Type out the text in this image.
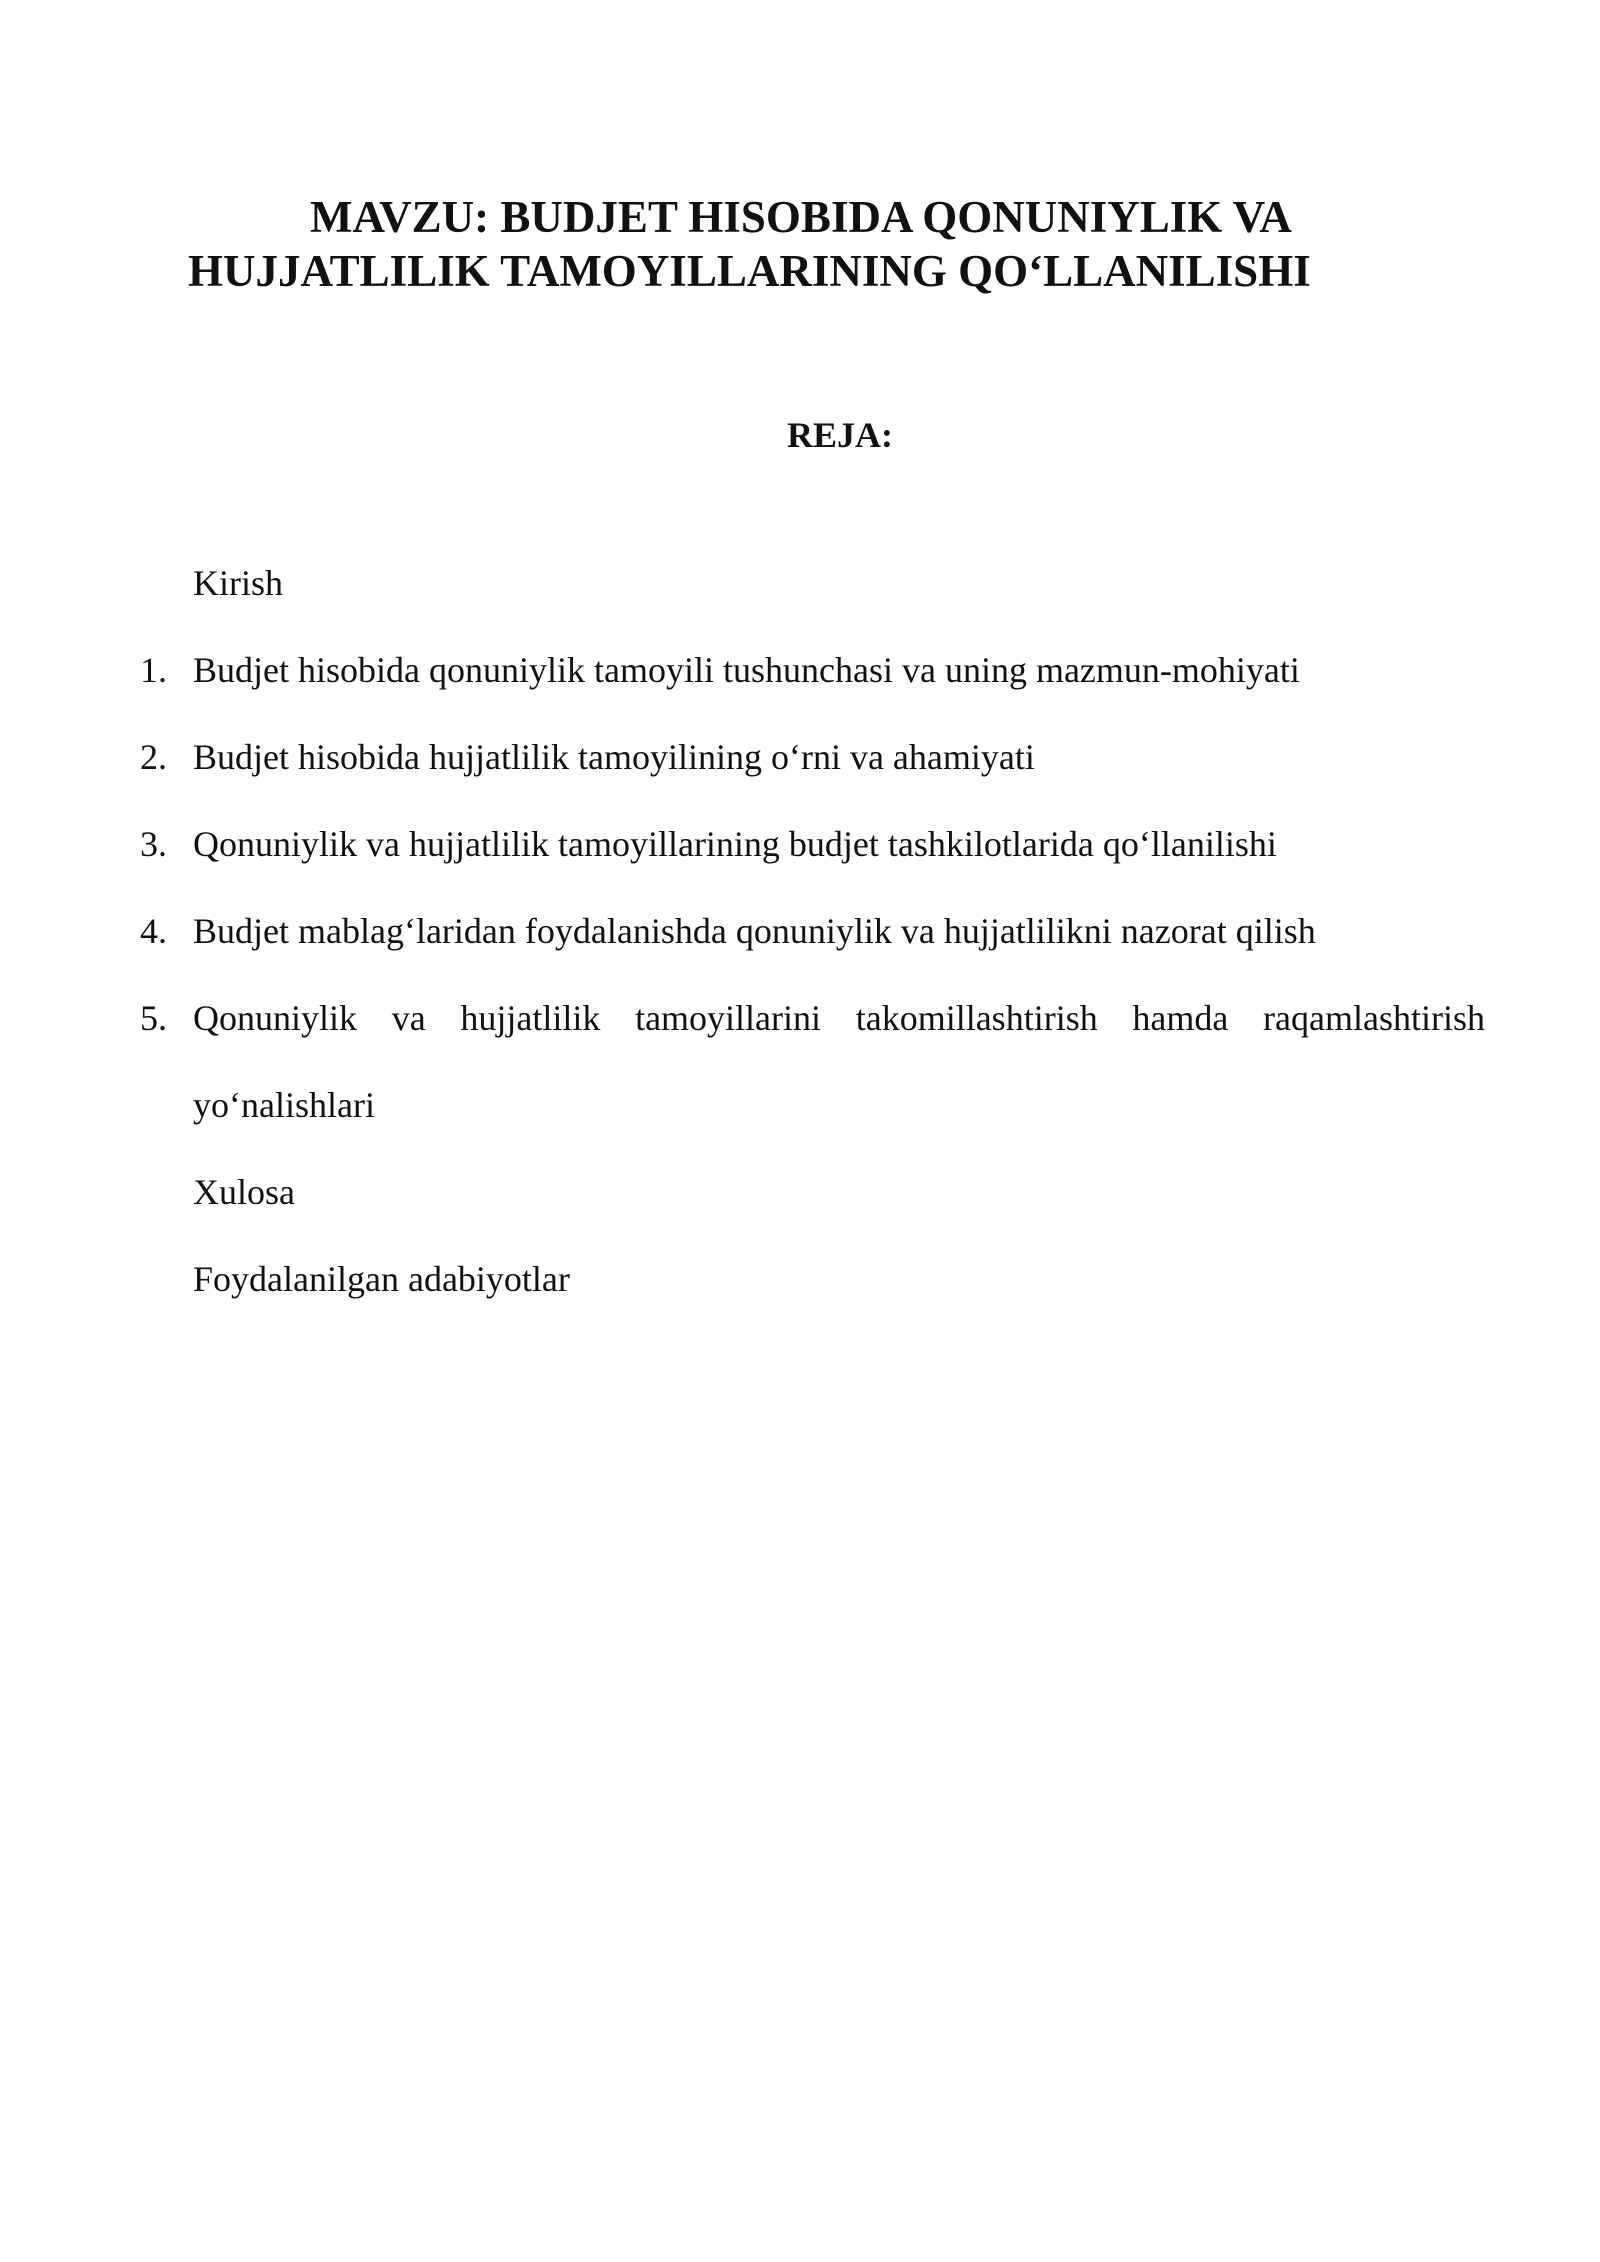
MAVZU: BUDJET HISOBIDA QONUNIYLIK VA
HUJJATLILIK TAMOYILLARINING QO‘LLANILISHI
REJA:
Kirish
1. Budjet hisobida qonuniylik tamoyili tushunchasi va uning mazmun-mohiyati
2. Budjet hisobida hujjatlilik tamoyilining o‘rni va ahamiyati
3. Qonuniylik va hujjatlilik tamoyillarining budjet tashkilotlarida qo‘llanilishi
4. Budjet mablag‘laridan foydalanishda qonuniylik va hujjatlilikni nazorat qilish
5. Qonuniylik va hujjatlilik tamoyillarini takomillashtirish hamda raqamlashtirish
yo‘nalishlari
Xulosa
Foydalanilgan adabiyotlar
